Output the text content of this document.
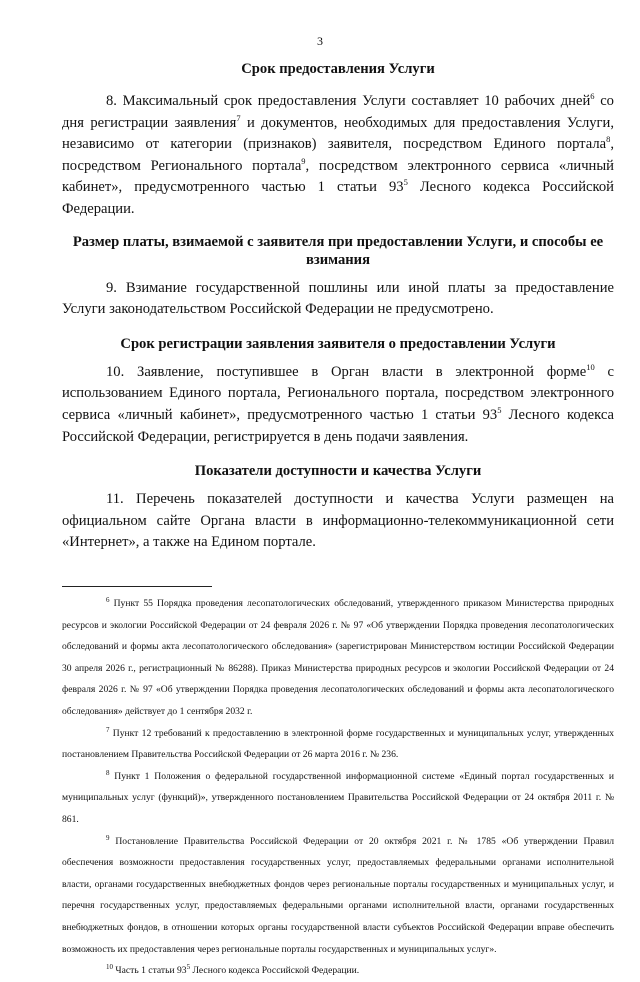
3
Срок предоставления Услуги

8. Максимальный срок предоставления Услуги составляет 10 рабочих дней$^6$ со дня регистрации заявления$^7$ и документов, необходимых для предоставления Услуги, независимо от категории (признаков) заявителя, посредством Единого портала$^8$, посредством Регионального портала$^9$, посредством электронного сервиса «личный кабинет», предусмотренного частью 1 статьи $93^5$ Лесного кодекса Российской Федерации.

Размер платы, взимаемой с заявителя при предоставлении Услуги, и способы ее взимания

9. Взимание государственной пошлины или иной платы за предоставление Услуги законодательством Российской Федерации не предусмотрено.

Срок регистрации заявления заявителя о предоставлении Услуги

10. Заявление, поступившее в Орган власти в электронной форме$^{10}$ с использованием Единого портала, Регионального портала, посредством электронного сервиса «личный кабинет», предусмотренного частью 1 статьи $93^5$ Лесного кодекса Российской Федерации, регистрируется в день подачи заявления.

Показатели доступности и качества Услуги

11. Перечень показателей доступности и качества Услуги размещен на официальном сайте Органа власти в информационно-телекоммуникационной сети «Интернет», а также на Едином портале.

$^6$ Пункт 55 Порядка проведения лесопатологических обследований, утвержденного приказом Министерства природных ресурсов и экологии Российской Федерации от 24 февраля 2026 г. № 97 «Об утверждении Порядка проведения лесопатологических обследований и формы акта лесопатологического обследования» (зарегистрирован Министерством юстиции Российской Федерации 30 апреля 2026 г., регистрационный № 86288). Приказ Министерства природных ресурсов и экологии Российской Федерации от 24 февраля 2026 г. № 97 «Об утверждении Порядка проведения лесопатологических обследований и формы акта лесопатологического обследования» действует до 1 сентября 2032 г.

$^7$ Пункт 12 требований к предоставлению в электронной форме государственных и муниципальных услуг, утвержденных постановлением Правительства Российской Федерации от 26 марта 2016 г. № 236.

$^8$ Пункт 1 Положения о федеральной государственной информационной системе «Единый портал государственных и муниципальных услуг (функций)», утвержденного постановлением Правительства Российской Федерации от 24 октября 2011 г. № 861.

$^9$ Постановление Правительства Российской Федерации от 20 октября 2021 г. № 1785 «Об утверждении Правил обеспечения возможности предоставления государственных услуг, предоставляемых федеральными органами исполнительной власти, органами государственных внебюджетных фондов через региональные порталы государственных и муниципальных услуг, и перечня государственных услуг, предоставляемых федеральными органами исполнительной власти, органами государственных внебюджетных фондов, в отношении которых органы государственной власти субъектов Российской Федерации вправе обеспечить возможность их предоставления через региональные порталы государственных и муниципальных услуг».

$^{10}$ Часть 1 статьи $93^5$ Лесного кодекса Российской Федерации.
